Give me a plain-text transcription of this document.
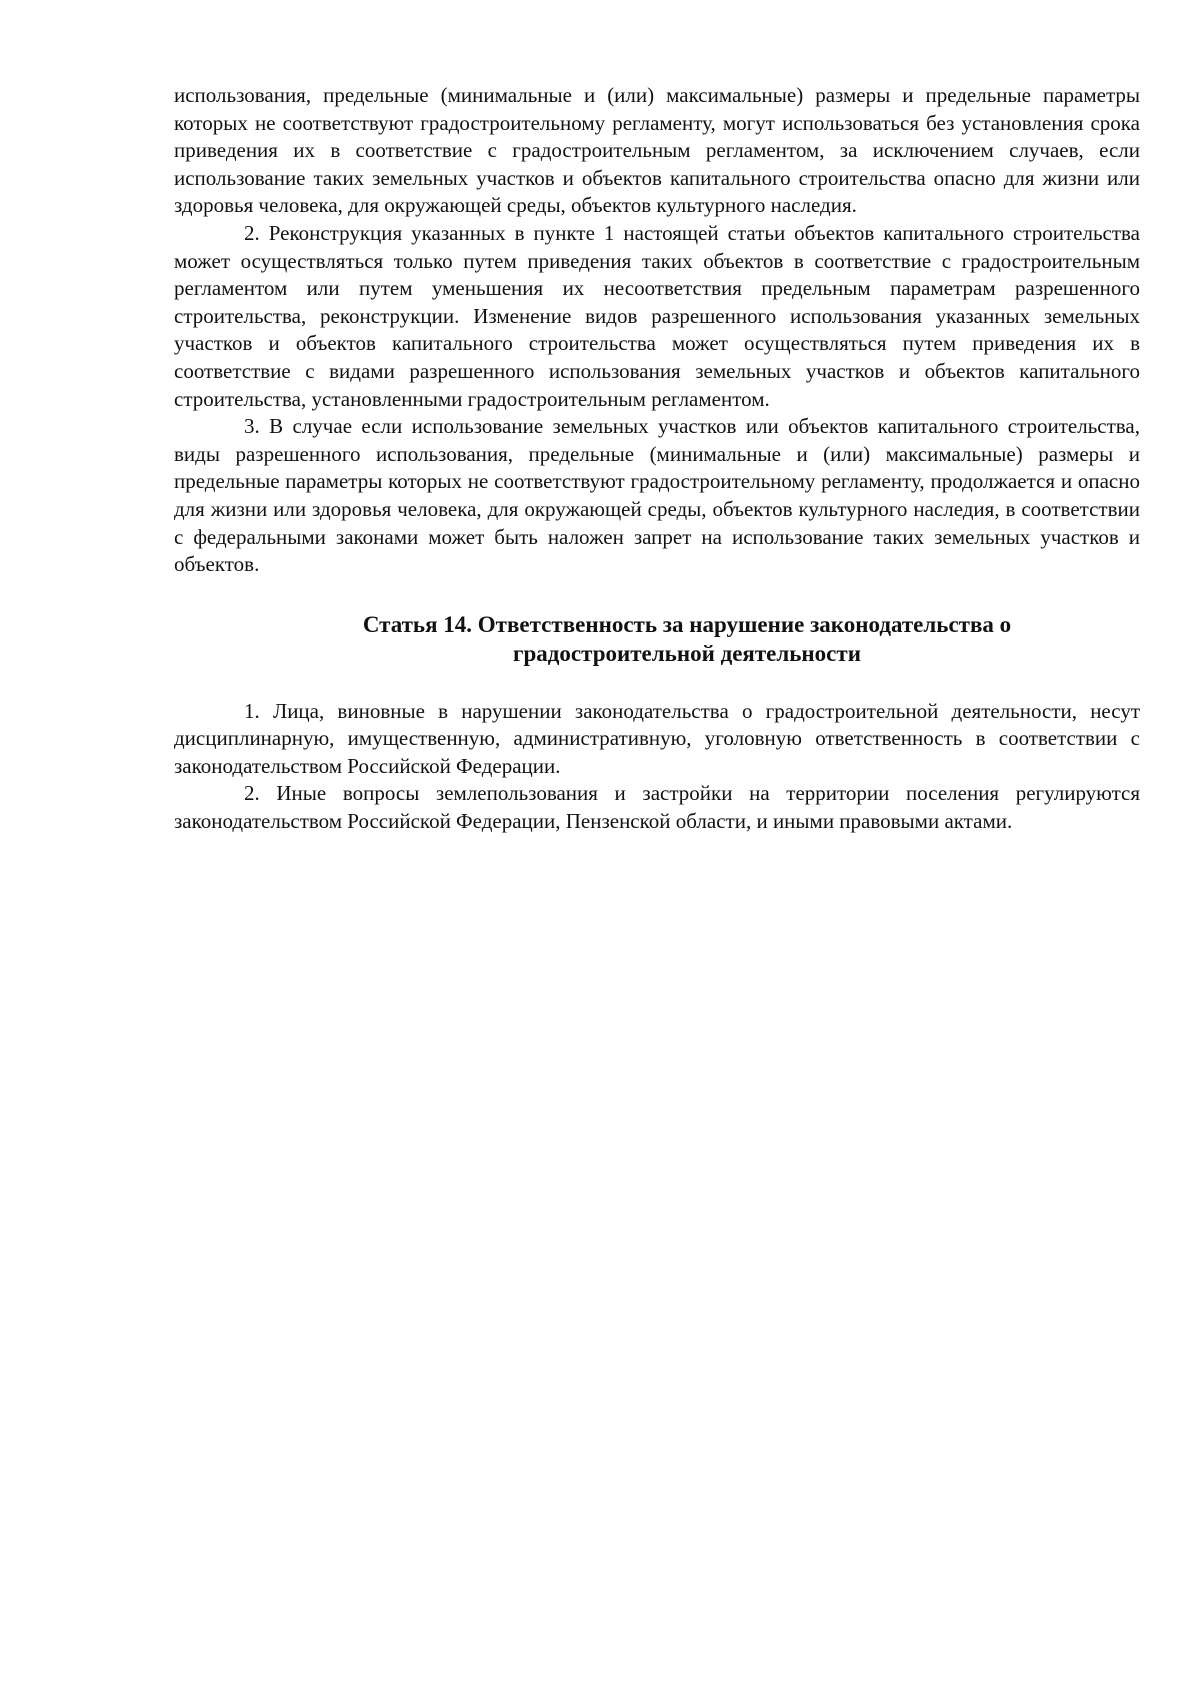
использования, предельные (минимальные и (или) максимальные) размеры и предельные параметры которых не соответствуют градостроительному регламенту, могут использоваться без установления срока приведения их в соответствие с градостроительным регламентом, за исключением случаев, если использование таких земельных участков и объектов капитального строительства опасно для жизни или здоровья человека, для окружающей среды, объектов культурного наследия.

2. Реконструкция указанных в пункте 1 настоящей статьи объектов капитального строительства может осуществляться только путем приведения таких объектов в соответствие с градостроительным регламентом или путем уменьшения их несоответствия предельным параметрам разрешенного строительства, реконструкции. Изменение видов разрешенного использования указанных земельных участков и объектов капитального строительства может осуществляться путем приведения их в соответствие с видами разрешенного использования земельных участков и объектов капитального строительства, установленными градостроительным регламентом.

3. В случае если использование земельных участков или объектов капитального строительства, виды разрешенного использования, предельные (минимальные и (или) максимальные) размеры и предельные параметры которых не соответствуют градостроительному регламенту, продолжается и опасно для жизни или здоровья человека, для окружающей среды, объектов культурного наследия, в соответствии с федеральными законами может быть наложен запрет на использование таких земельных участков и объектов.

Статья 14. Ответственность за нарушение законодательства о градостроительной деятельности

1. Лица, виновные в нарушении законодательства о градостроительной деятельности, несут дисциплинарную, имущественную, административную, уголовную ответственность в соответствии с законодательством Российской Федерации.

2. Иные вопросы землепользования и застройки на территории поселения регулируются законодательством Российской Федерации, Пензенской области, и иными правовыми актами.
